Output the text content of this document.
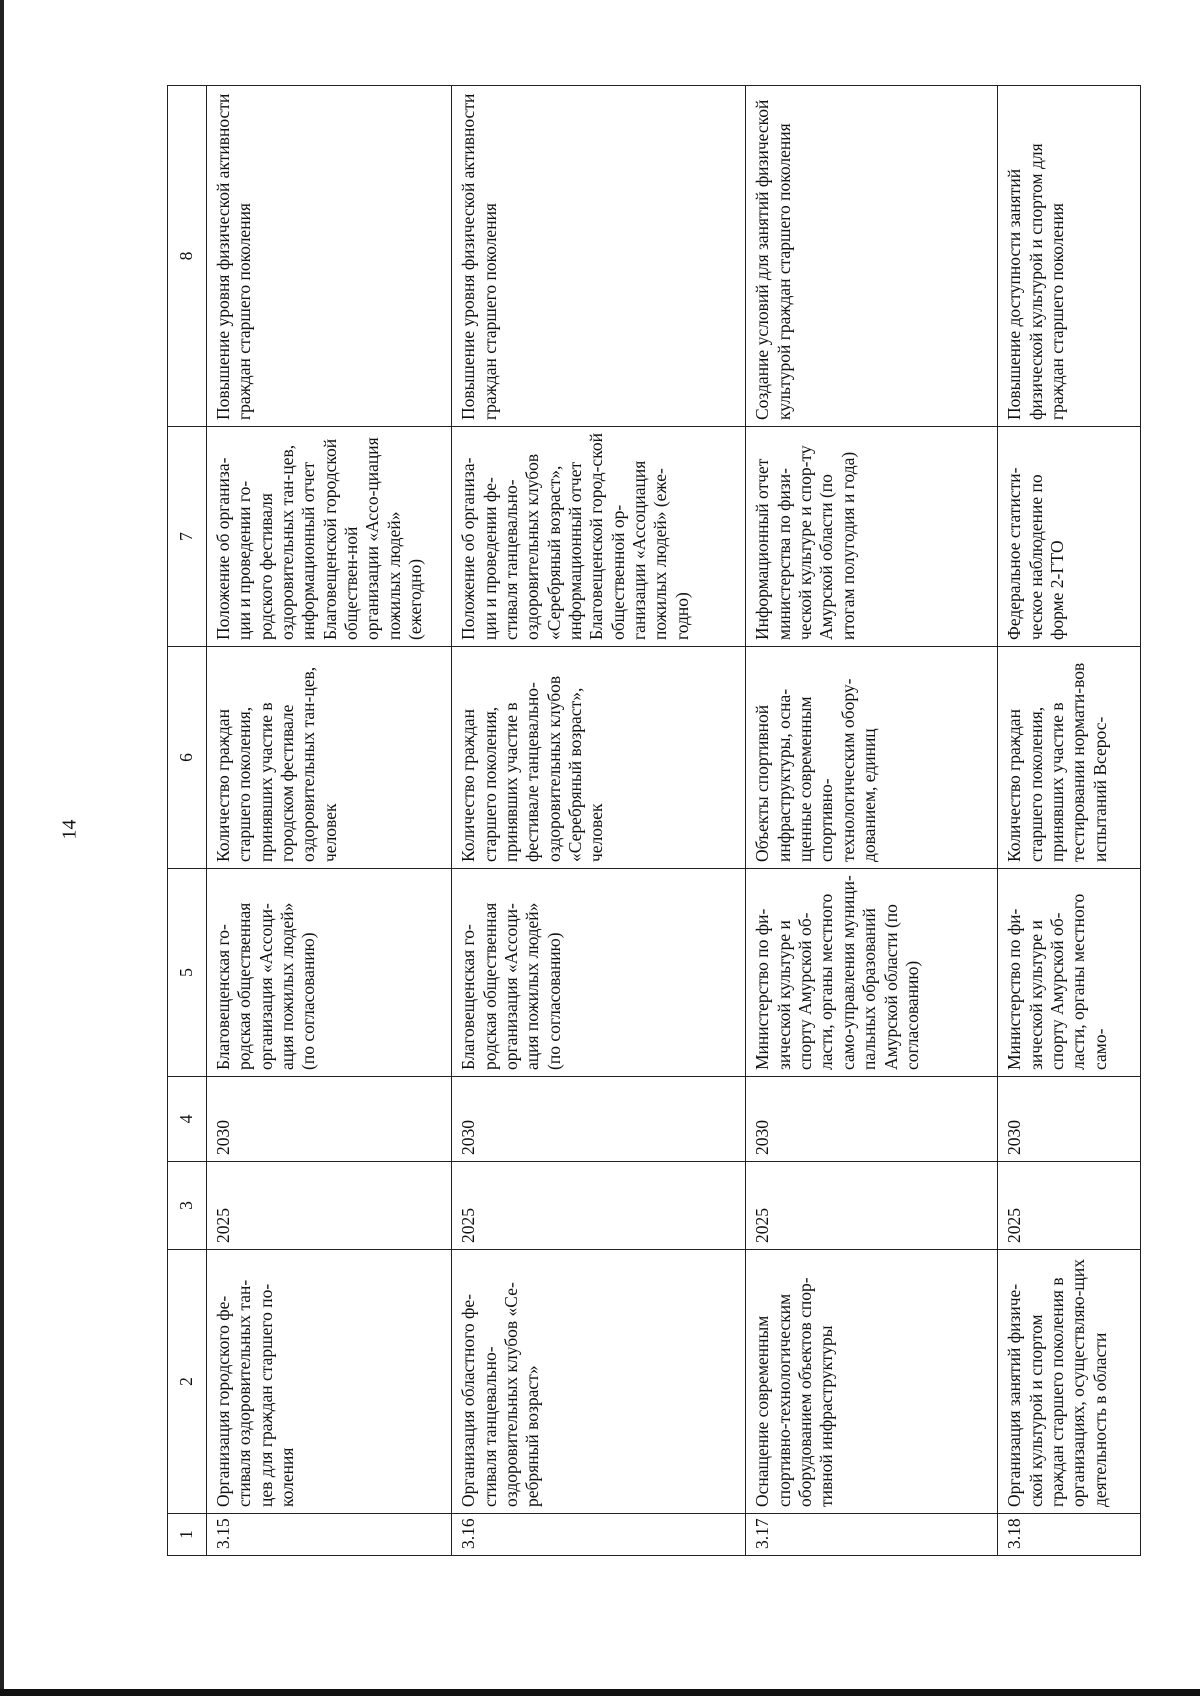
14
1	2	3	4	5	6	7	8
3.15	Организация городского фе-стиваля оздоровительных тан-цев для граждан старшего по-коления	2025	2030	Благовещенская го-родская общественная организация «Ассоци-ация пожилых людей» (по согласованию)	Количество граждан старшего поколения, принявших участие в городском фестивале оздоровительных тан-цев, человек	Положение об организа-ции и проведении го-родского фестиваля оздоровительных тан-цев, информационный отчет Благовещенской городской обществен-ной организации «Ассо-циация пожилых людей» (ежегодно)	Повышение уровня физической активности граждан старшего поколения
3.16	Организация областного фе-стиваля танцевально-оздоровительных клубов «Се-ребряный возраст»	2025	2030	Благовещенская го-родская общественная организация «Ассоци-ация пожилых людей» (по согласованию)	Количество граждан старшего поколения, принявших участие в фестивале танцевально-оздоровительных клубов «Серебряный возраст», человек	Положение об организа-ции и проведении фе-стиваля танцевально-оздоровительных клубов «Серебряный возраст», информационный отчет Благовещенской город-ской общественной ор-ганизации «Ассоциация пожилых людей» (еже-годно)	Повышение уровня физической активности граждан старшего поколения
3.17	Оснащение современным спортивно-технологическим оборудованием объектов спор-тивной инфраструктуры	2025	2030	Министерство по фи-зической культуре и спорту Амурской об-ласти, органы местного само-управления муници-пальных образований Амурской области (по согласованию)	Объекты спортивной инфраструктуры, осна-щенные современным спортивно-технологическим обору-дованием, единиц	Информационный отчет министерства по физи-ческой культуре и спор-ту Амурской области (по итогам полугодия и года)	Создание условий для занятий физической культурой граждан старшего поколения
3.18	Организация занятий физиче-ской культурой и спортом граждан старшего поколения в организациях, осуществляю-щих деятельность в области	2025	2030	Министерство по фи-зической культуре и спорту Амурской об-ласти, органы местного само-	Количество граждан старшего поколения, принявших участие в тестировании нормати-вов испытаний Всерос-	Федеральное статисти-ческое наблюдение по форме 2-ГТО	Повышение доступности занятий физической культурой и спортом для граждан старшего поколения
